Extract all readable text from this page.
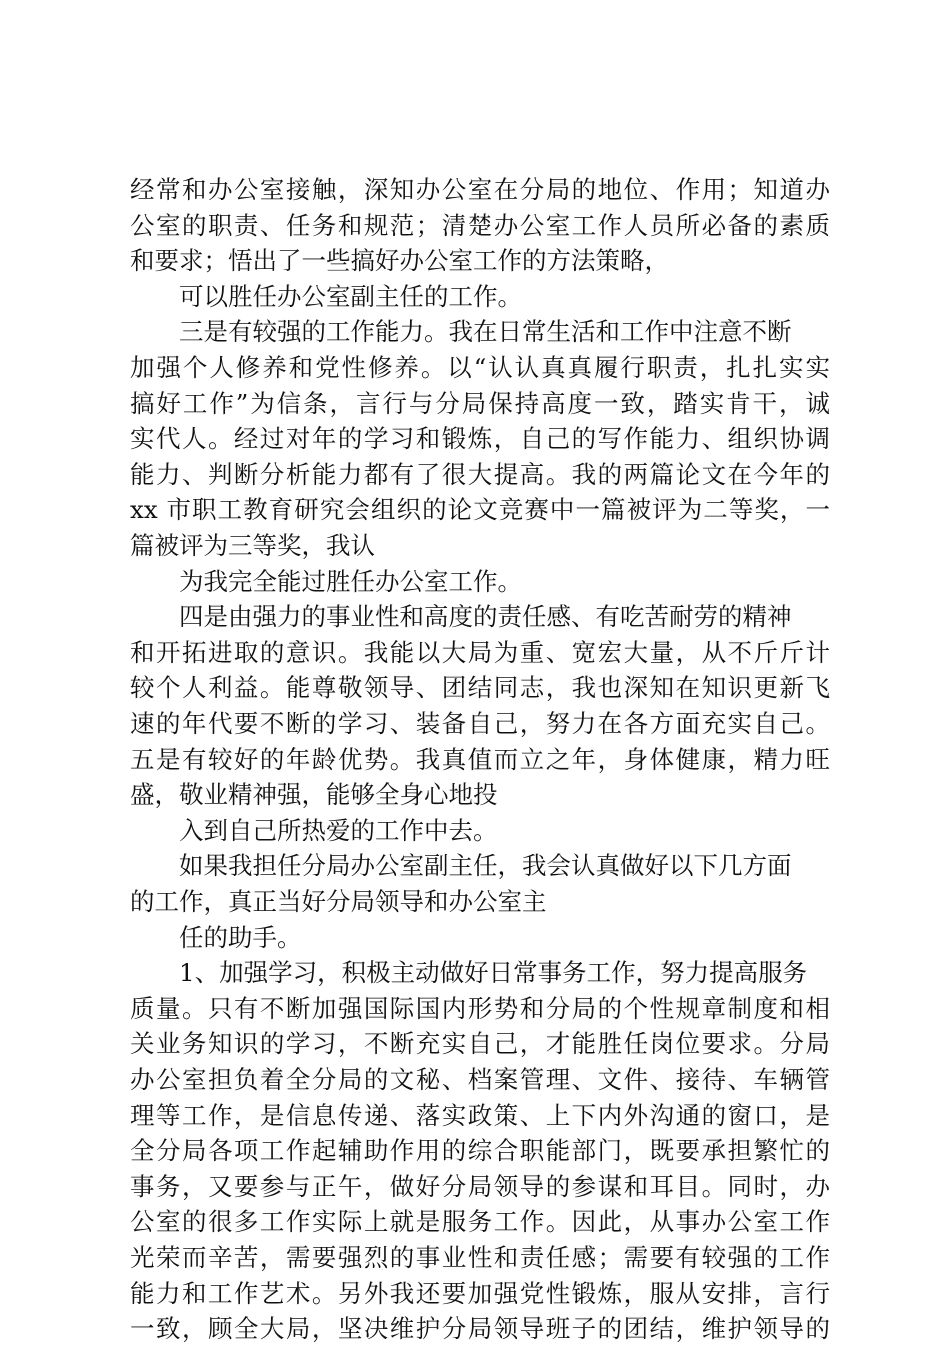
经常和办公室接触，深知办公室在分局的地位、作用；知道办
公室的职责、任务和规范；清楚办公室工作人员所必备的素质
和要求；悟出了一些搞好办公室工作的方法策略，
可以胜任办公室副主任的工作。
三是有较强的工作能力。我在日常生活和工作中注意不断
加强个人修养和党性修养。以“认认真真履行职责，扎扎实实
搞好工作”为信条，言行与分局保持高度一致，踏实肯干，诚
实代人。经过对年的学习和锻炼，自己的写作能力、组织协调
能力、判断分析能力都有了很大提高。我的两篇论文在今年的
xx 市职工教育研究会组织的论文竞赛中一篇被评为二等奖，一
篇被评为三等奖，我认
为我完全能过胜任办公室工作。
四是由强力的事业性和高度的责任感、有吃苦耐劳的精神
和开拓进取的意识。我能以大局为重、宽宏大量，从不斤斤计
较个人利益。能尊敬领导、团结同志，我也深知在知识更新飞
速的年代要不断的学习、装备自己，努力在各方面充实自己。
五是有较好的年龄优势。我真值而立之年，身体健康，精力旺
盛，敬业精神强，能够全身心地投
入到自己所热爱的工作中去。
如果我担任分局办公室副主任，我会认真做好以下几方面
的工作，真正当好分局领导和办公室主
任的助手。
1、加强学习，积极主动做好日常事务工作，努力提高服务
质量。只有不断加强国际国内形势和分局的个性规章制度和相
关业务知识的学习，不断充实自己，才能胜任岗位要求。分局
办公室担负着全分局的文秘、档案管理、文件、接待、车辆管
理等工作，是信息传递、落实政策、上下内外沟通的窗口，是
全分局各项工作起辅助作用的综合职能部门，既要承担繁忙的
事务，又要参与正午，做好分局领导的参谋和耳目。同时，办
公室的很多工作实际上就是服务工作。因此，从事办公室工作
光荣而辛苦，需要强烈的事业性和责任感；需要有较强的工作
能力和工作艺术。另外我还要加强党性锻炼，服从安排，言行
一致，顾全大局，坚决维护分局领导班子的团结，维护领导的
